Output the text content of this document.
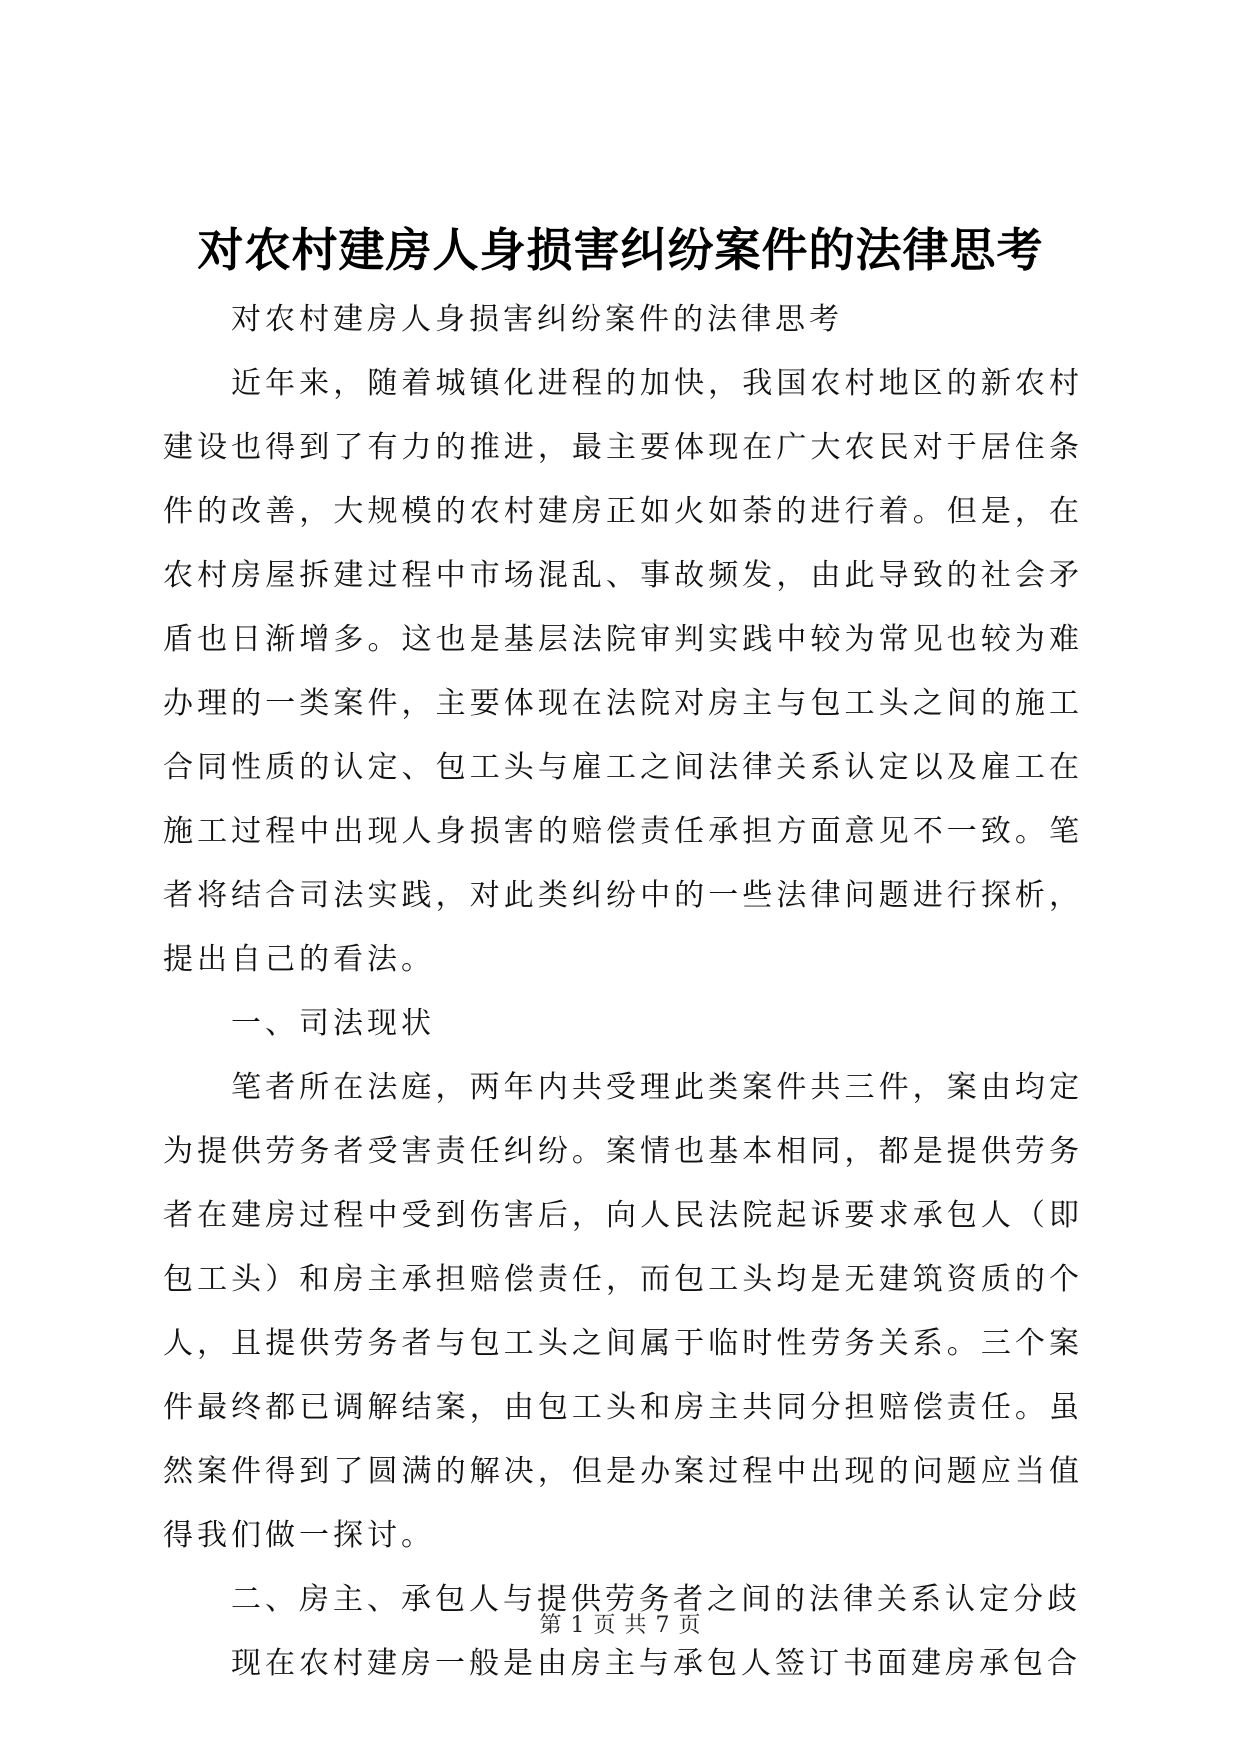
对农村建房人身损害纠纷案件的法律思考

对农村建房人身损害纠纷案件的法律思考

近年来，随着城镇化进程的加快，我国农村地区的新农村建设也得到了有力的推进，最主要体现在广大农民对于居住条件的改善，大规模的农村建房正如火如荼的进行着。但是，在农村房屋拆建过程中市场混乱、事故频发，由此导致的社会矛盾也日渐增多。这也是基层法院审判实践中较为常见也较为难办理的一类案件，主要体现在法院对房主与包工头之间的施工合同性质的认定、包工头与雇工之间法律关系认定以及雇工在施工过程中出现人身损害的赔偿责任承担方面意见不一致。笔者将结合司法实践，对此类纠纷中的一些法律问题进行探析，提出自己的看法。

一、司法现状

笔者所在法庭，两年内共受理此类案件共三件，案由均定为提供劳务者受害责任纠纷。案情也基本相同，都是提供劳务者在建房过程中受到伤害后，向人民法院起诉要求承包人（即包工头）和房主承担赔偿责任，而包工头均是无建筑资质的个人，且提供劳务者与包工头之间属于临时性劳务关系。三个案件最终都已调解结案，由包工头和房主共同分担赔偿责任。虽然案件得到了圆满的解决，但是办案过程中出现的问题应当值得我们做一探讨。

二、房主、承包人与提供劳务者之间的法律关系认定分歧

现在农村建房一般是由房主与承包人签订书面建房承包合

第 1 页 共 7 页
